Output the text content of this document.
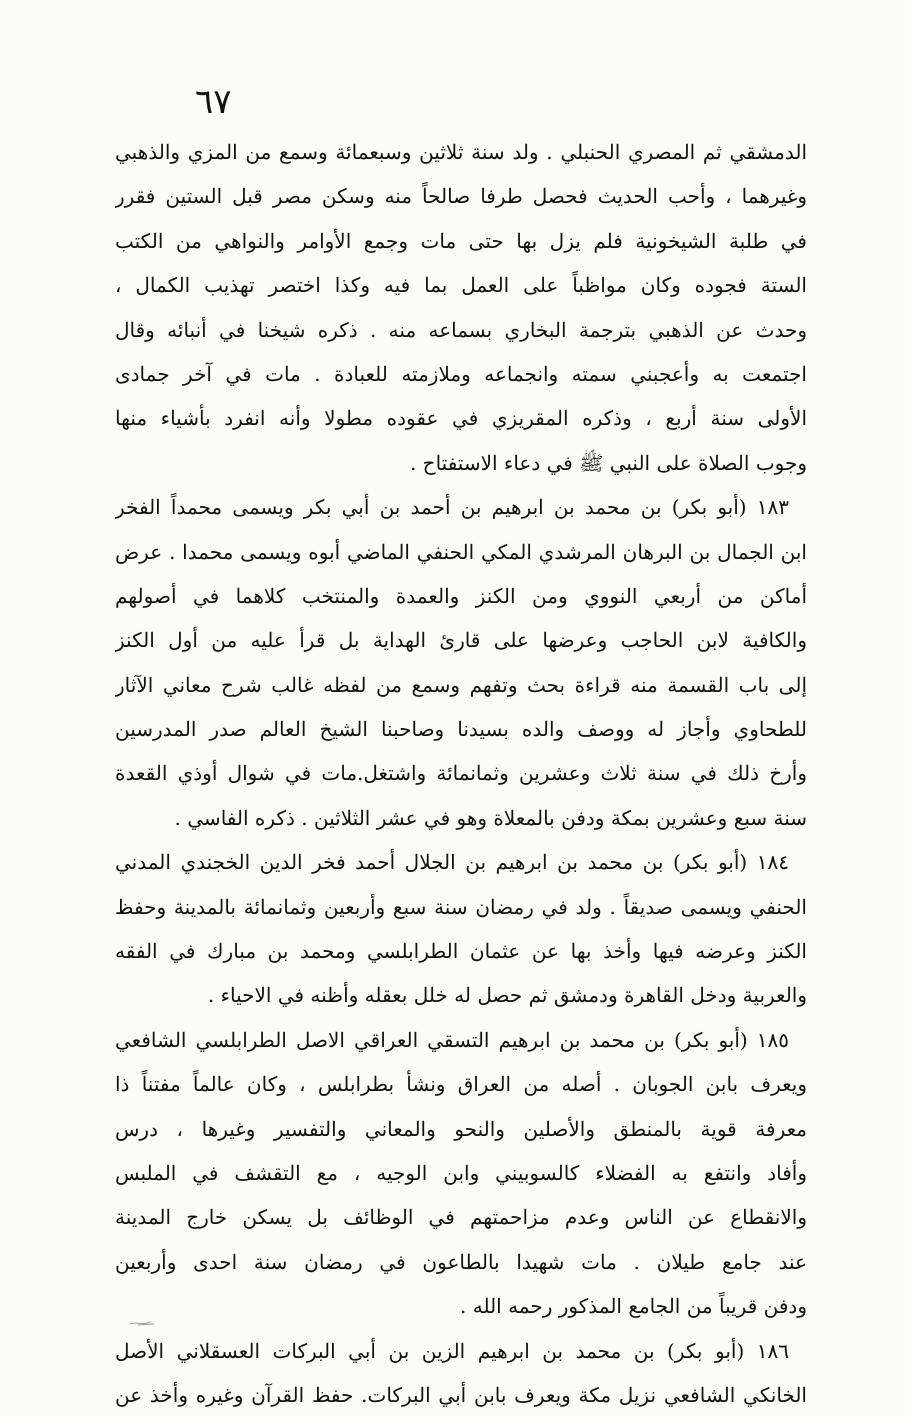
٦٧
الدمشقي ثم المصري الحنبلي . ولد سنة ثلاثين وسبعمائة وسمع من المزي والذهبي
وغيرهما ، وأحب الحديث فحصل طرفا صالحاً منه وسكن مصر قبل الستين فقرر
في طلبة الشيخونية فلم يزل بها حتى مات وجمع الأوامر والنواهي من الكتب
الستة فجوده وكان مواظباً على العمل بما فيه وكذا اختصر تهذيب الكمال ،
وحدث عن الذهبي بترجمة البخاري بسماعه منه . ذكره شيخنا في أنبائه وقال
اجتمعت به وأعجبني سمته وانجماعه وملازمته للعبادة . مات في آخر جمادى
الأولى سنة أربع ، وذكره المقريزي في عقوده مطولا وأنه انفرد بأشياء منها
وجوب الصلاة على النبي ﷺ في دعاء الاستفتاح .
١٨٣ (أبو بكر) بن محمد بن ابرهيم بن أحمد بن أبي بكر ويسمى محمداً الفخر
ابن الجمال بن البرهان المرشدي المكي الحنفي الماضي أبوه ويسمى محمدا . عرض
أماكن من أربعي النووي ومن الكنز والعمدة والمنتخب كلاهما في أصولهم
والكافية لابن الحاجب وعرضها على قارئ الهداية بل قرأ عليه من أول الكنز
إلى باب القسمة منه قراءة بحث وتفهم وسمع من لفظه غالب شرح معاني الآثار
للطحاوي وأجاز له ووصف والده بسيدنا وصاحبنا الشيخ العالم صدر المدرسين
وأرخ ذلك في سنة ثلاث وعشرين وثمانمائة واشتغل.مات في شوال أوذي القعدة
سنة سبع وعشرين بمكة ودفن بالمعلاة وهو في عشر الثلاثين . ذكره الفاسي .
١٨٤ (أبو بكر) بن محمد بن ابرهيم بن الجلال أحمد فخر الدين الخجندي المدني
الحنفي ويسمى صديقاً . ولد في رمضان سنة سبع وأربعين وثمانمائة بالمدينة وحفظ
الكنز وعرضه فيها وأخذ بها عن عثمان الطرابلسي ومحمد بن مبارك في الفقه
والعربية ودخل القاهرة ودمشق ثم حصل له خلل بعقله وأظنه في الاحياء .
١٨٥ (أبو بكر) بن محمد بن ابرهيم التسقي العراقي الاصل الطرابلسي الشافعي
ويعرف بابن الجوبان . أصله من العراق ونشأ بطرابلس ، وكان عالماً مفتناً ذا
معرفة قوية بالمنطق والأصلين والنحو والمعاني والتفسير وغيرها ، درس
وأفاد وانتفع به الفضلاء كالسوبيني وابن الوجيه ، مع التقشف في الملبس
والانقطاع عن الناس وعدم مزاحمتهم في الوظائف بل يسكن خارج المدينة
عند جامع طيلان . مات شهيدا بالطاعون في رمضان سنة احدى وأربعين
ودفن قريباً من الجامع المذكور رحمه الله .
١٨٦ (أبو بكر) بن محمد بن ابرهيم الزين بن أبي البركات العسقلاني الأصل
الخانكي الشافعي نزيل مكة ويعرف بابن أبي البركات. حفظ القرآن وغيره وأخذ عن
